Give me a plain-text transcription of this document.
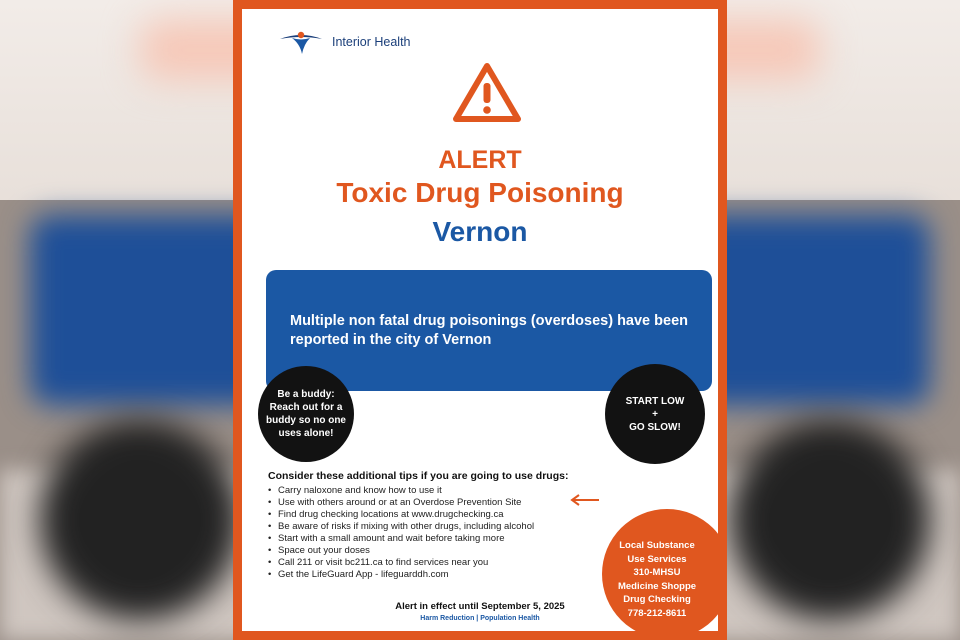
Interior Health
ALERT
Toxic Drug Poisoning
Vernon
Multiple non fatal drug poisonings (overdoses) have been reported in the city of Vernon
Be a buddy: Reach out for a buddy so no one uses alone!
START LOW
+
GO SLOW!
Consider these additional tips if you are going to use drugs:
• Carry naloxone and know how to use it
• Use with others around or at an Overdose Prevention Site
• Find drug checking locations at www.drugchecking.ca
• Be aware of risks if mixing with other drugs, including alcohol
• Start with a small amount and wait before taking more
• Space out your doses
• Call 211 or visit bc211.ca to find services near you
• Get the LifeGuard App - lifeguarddh.com
Local Substance
Use Services
310-MHSU
Medicine Shoppe
Drug Checking
778-212-8611
Alert in effect until September 5, 2025
Harm Reduction | Population Health
